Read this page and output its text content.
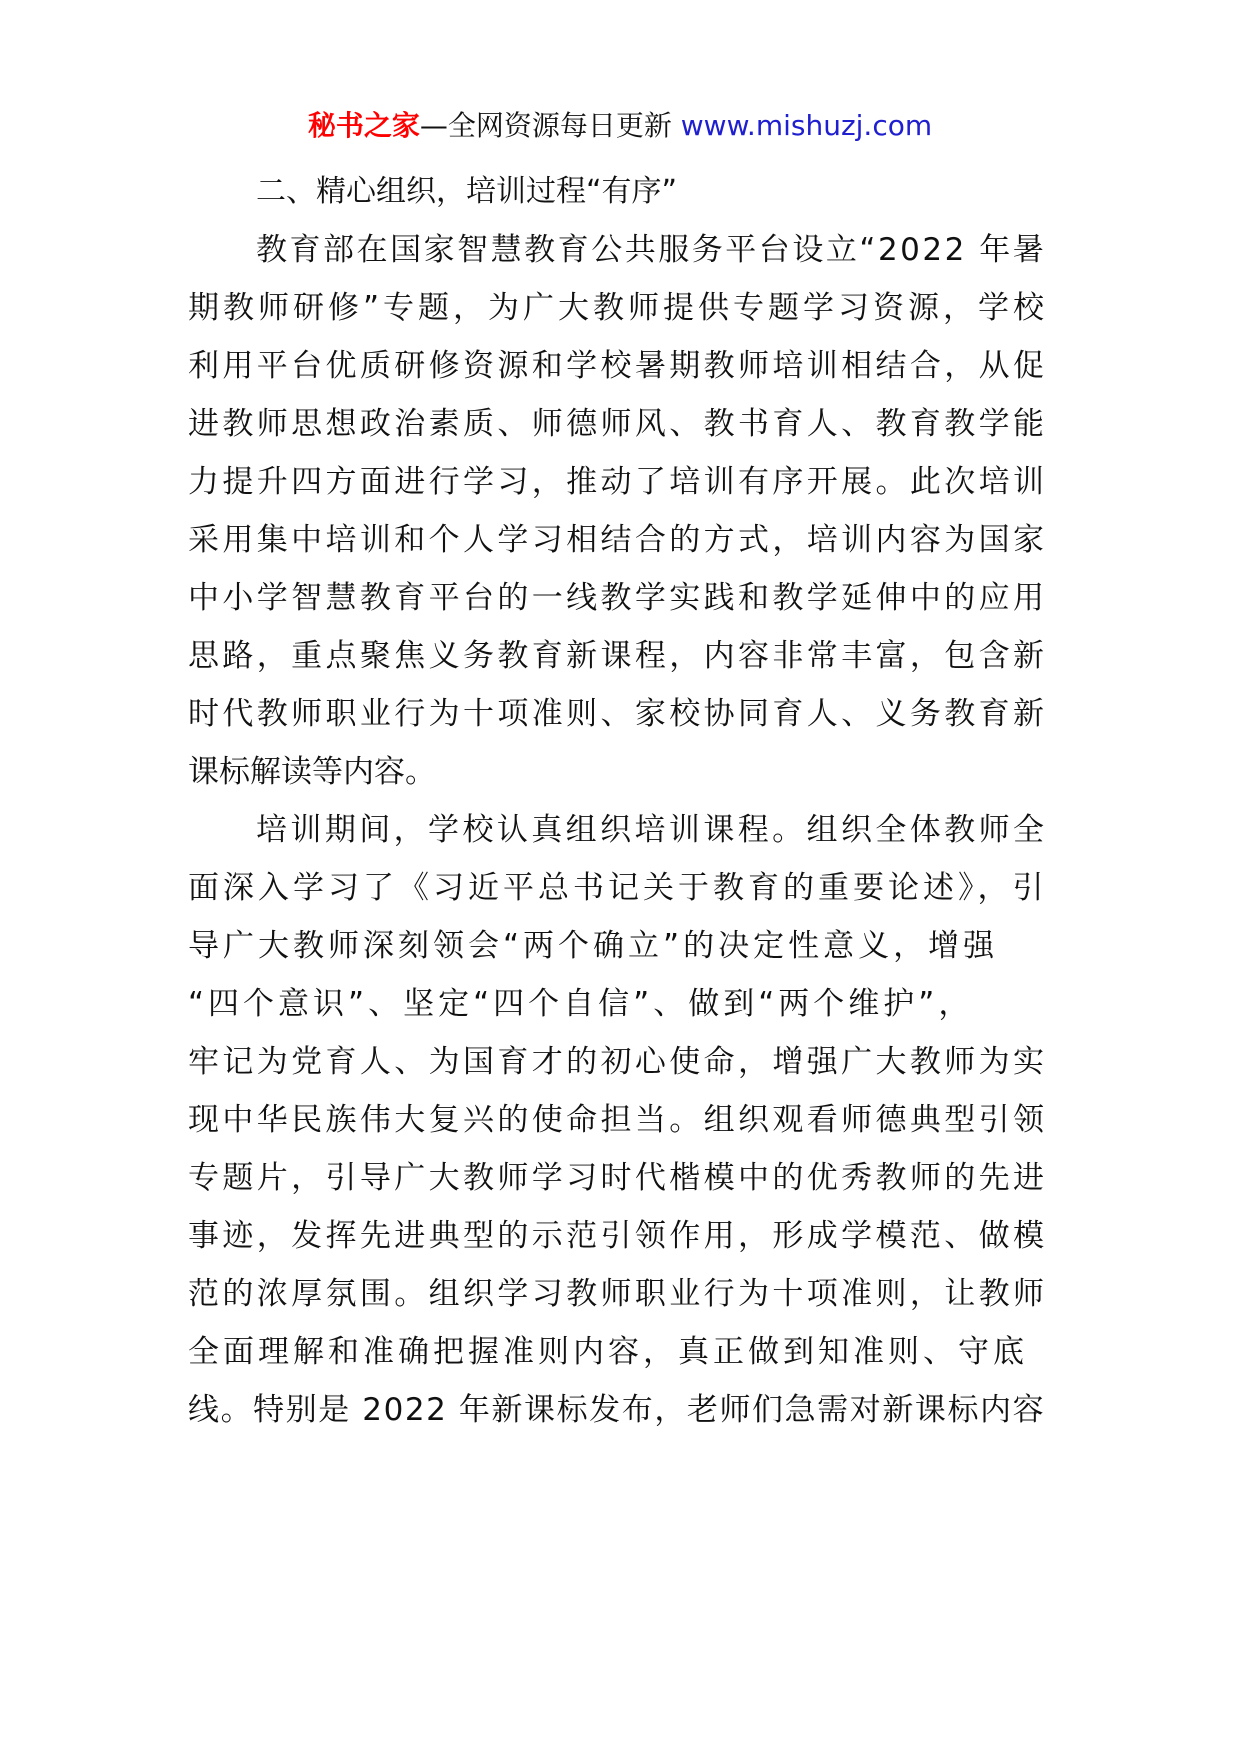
秘书之家—全网资源每日更新 www.mishuzj.com
二、精心组织，培训过程“有序”
教育部在国家智慧教育公共服务平台设立“2022 年暑
期教师研修”专题，为广大教师提供专题学习资源，学校
利用平台优质研修资源和学校暑期教师培训相结合，从促
进教师思想政治素质、师德师风、教书育人、教育教学能
力提升四方面进行学习，推动了培训有序开展。此次培训
采用集中培训和个人学习相结合的方式，培训内容为国家
中小学智慧教育平台的一线教学实践和教学延伸中的应用
思路，重点聚焦义务教育新课程，内容非常丰富，包含新
时代教师职业行为十项准则、家校协同育人、义务教育新
课标解读等内容。
培训期间，学校认真组织培训课程。组织全体教师全
面深入学习了《习近平总书记关于教育的重要论述》，引
导广大教师深刻领会“两个确立”的决定性意义，增强
“四个意识”、坚定“四个自信”、做到“两个维护”，
牢记为党育人、为国育才的初心使命，增强广大教师为实
现中华民族伟大复兴的使命担当。组织观看师德典型引领
专题片，引导广大教师学习时代楷模中的优秀教师的先进
事迹，发挥先进典型的示范引领作用，形成学模范、做模
范的浓厚氛围。组织学习教师职业行为十项准则，让教师
全面理解和准确把握准则内容，真正做到知准则、守底
线。特别是 2022 年新课标发布，老师们急需对新课标内容
